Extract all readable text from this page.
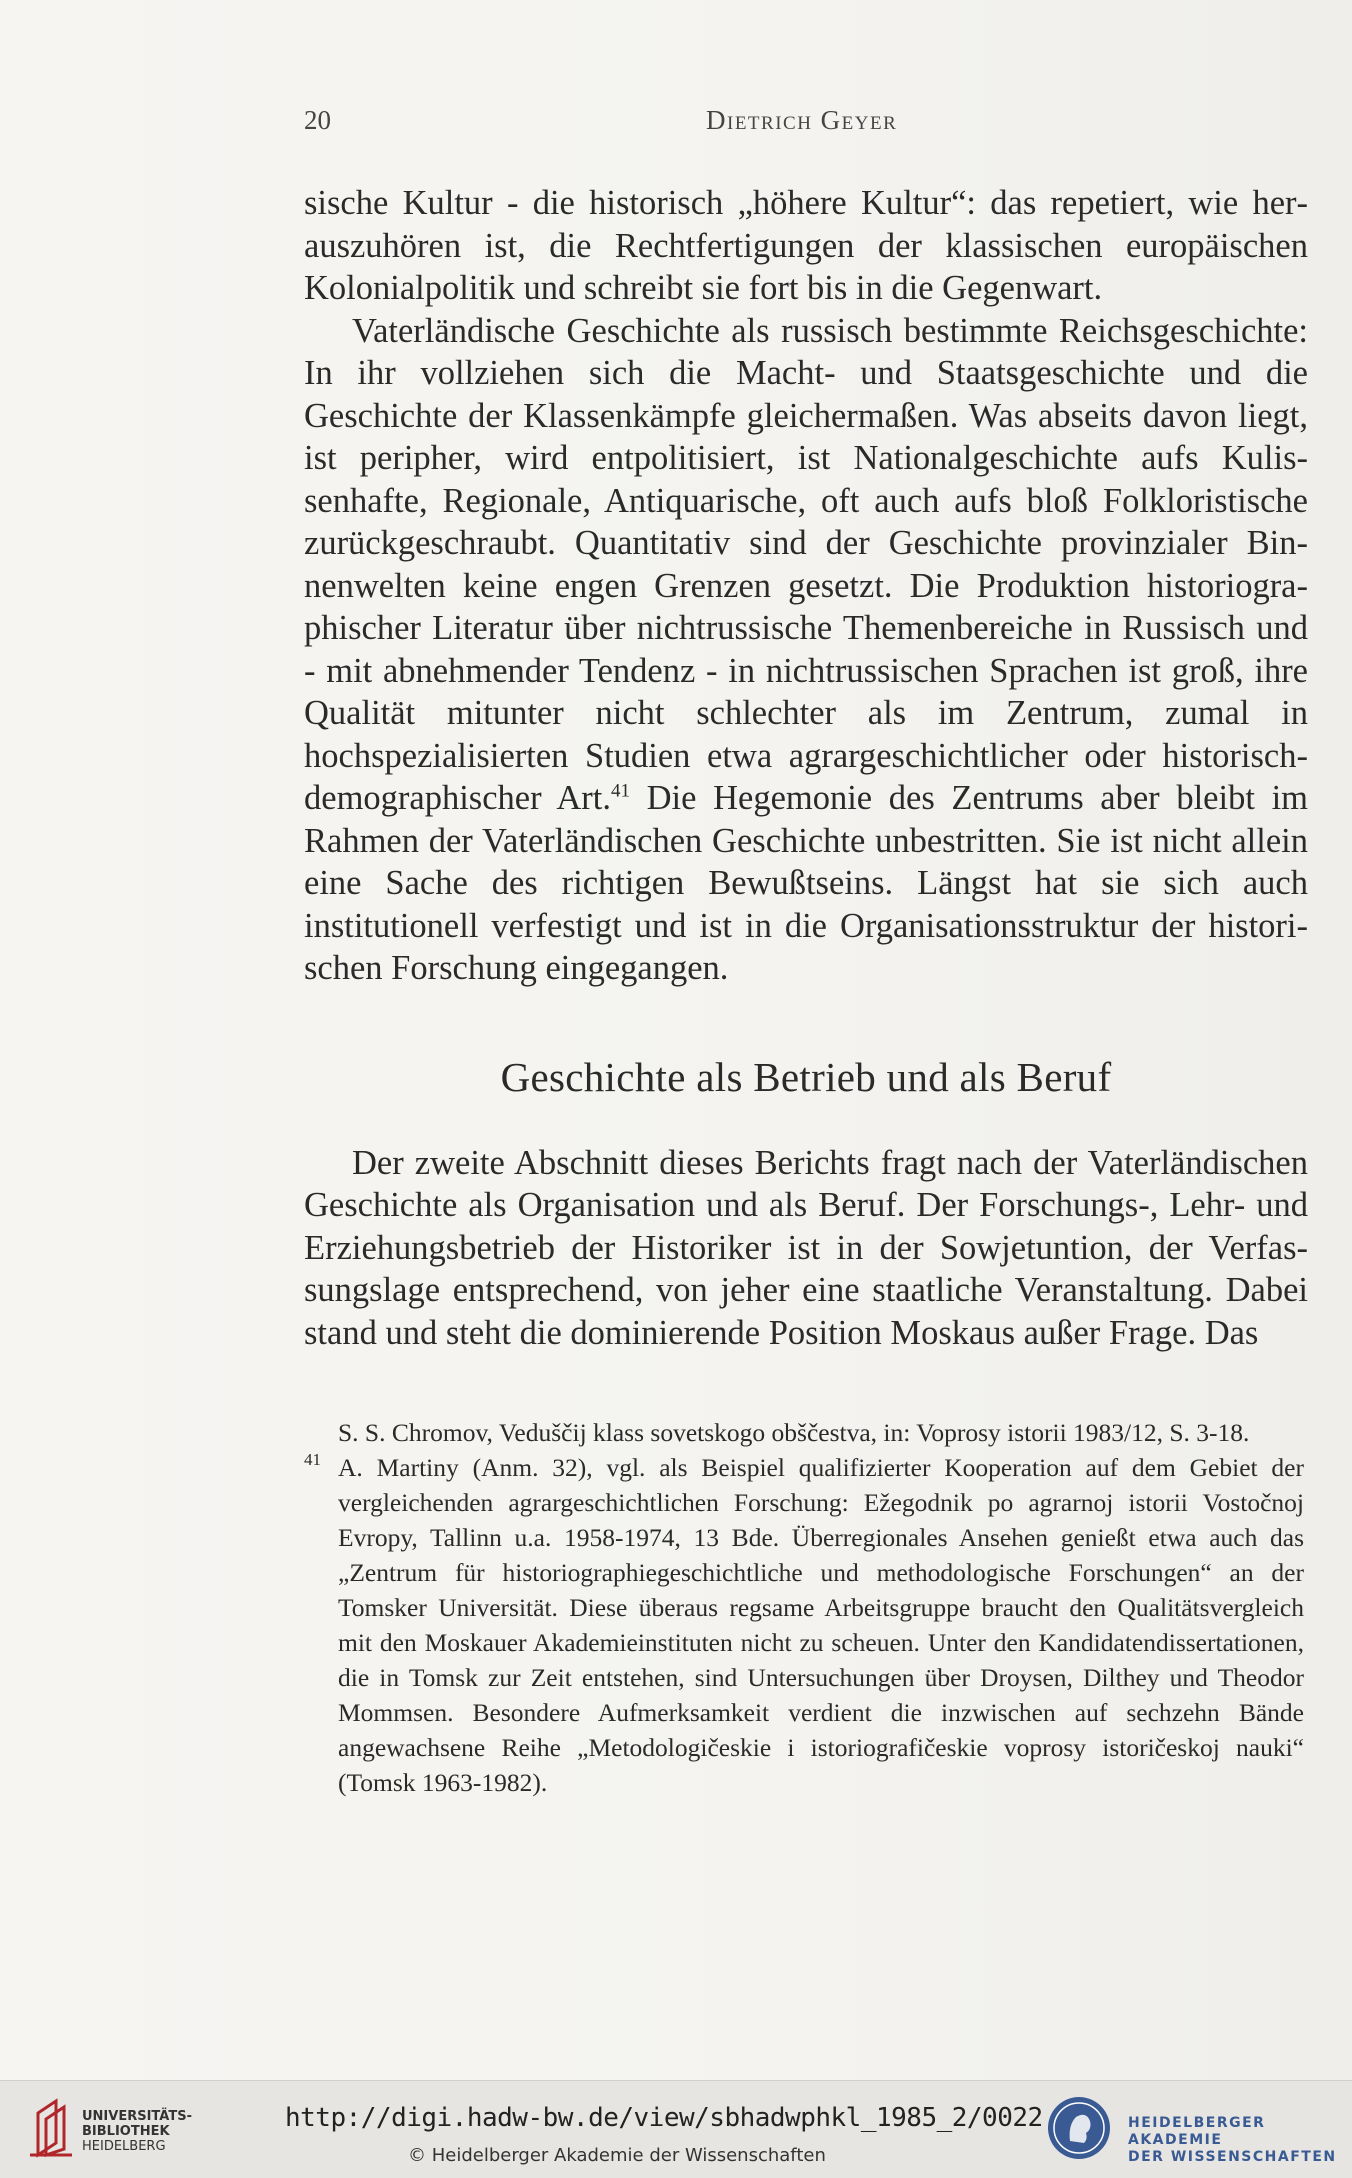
20	Dietrich Geyer

sische Kultur - die historisch „höhere Kultur“: das repetiert, wie herauszuhören ist, die Rechtfertigungen der klassischen europäischen Kolonialpolitik und schreibt sie fort bis in die Gegenwart.

Vaterländische Geschichte als russisch bestimmte Reichsgeschichte: In ihr vollziehen sich die Macht- und Staatsgeschichte und die Geschichte der Klassenkämpfe gleichermaßen. Was abseits davon liegt, ist peripher, wird entpolitisiert, ist Nationalgeschichte aufs Kulissenhafte, Regionale, Antiquarische, oft auch aufs bloß Folkloristische zurückgeschraubt. Quantitativ sind der Geschichte provinzialer Binnenwelten keine engen Grenzen gesetzt. Die Produktion historiographischer Literatur über nichtrussische Themenbereiche in Russisch und - mit abnehmender Tendenz - in nichtrussischen Sprachen ist groß, ihre Qualität mitunter nicht schlechter als im Zentrum, zumal in hochspezialisierten Studien etwa agrargeschichtlicher oder historisch-demographischer Art.$^{41}$ Die Hegemonie des Zentrums aber bleibt im Rahmen der Vaterländischen Geschichte unbestritten. Sie ist nicht allein eine Sache des richtigen Bewußtseins. Längst hat sie sich auch institutionell verfestigt und ist in die Organisationsstruktur der historischen Forschung eingegangen.

Geschichte als Betrieb und als Beruf

Der zweite Abschnitt dieses Berichts fragt nach der Vaterländischen Geschichte als Organisation und als Beruf. Der Forschungs-, Lehr- und Erziehungsbetrieb der Historiker ist in der Sowjetuntion, der Verfassungslage entsprechend, von jeher eine staatliche Veranstaltung. Dabei stand und steht die dominierende Position Moskaus außer Frage. Das

S. S. Chromov, Veduščij klass sovetskogo obščestva, in: Voprosy istorii 1983/12, S. 3-18.

41 A. Martiny (Anm. 32), vgl. als Beispiel qualifizierter Kooperation auf dem Gebiet der vergleichenden agrargeschichtlichen Forschung: Ežegodnik po agrarnoj istorii Vostočnoj Evropy, Tallinn u.a. 1958-1974, 13 Bde. Überregionales Ansehen genießt etwa auch das „Zentrum für historiographiegeschichtliche und methodologische Forschungen“ an der Tomsker Universität. Diese überaus regsame Arbeitsgruppe braucht den Qualitätsvergleich mit den Moskauer Akademieinstituten nicht zu scheuen. Unter den Kandidatendissertationen, die in Tomsk zur Zeit entstehen, sind Untersuchungen über Droysen, Dilthey und Theodor Mommsen. Besondere Aufmerksamkeit verdient die inzwischen auf sechzehn Bände angewachsene Reihe „Metodologičeskie i istoriografičeskie voprosy istoričeskoj nauki“ (Tomsk 1963-1982).

UNIVERSITÄTS-
BIBLIOTHEK
HEIDELBERG
http://digi.hadw-bw.de/view/sbhadwphkl_1985_2/0022
© Heidelberger Akademie der Wissenschaften
HEIDELBERGER AKADEMIE
DER WISSENSCHAFTEN
